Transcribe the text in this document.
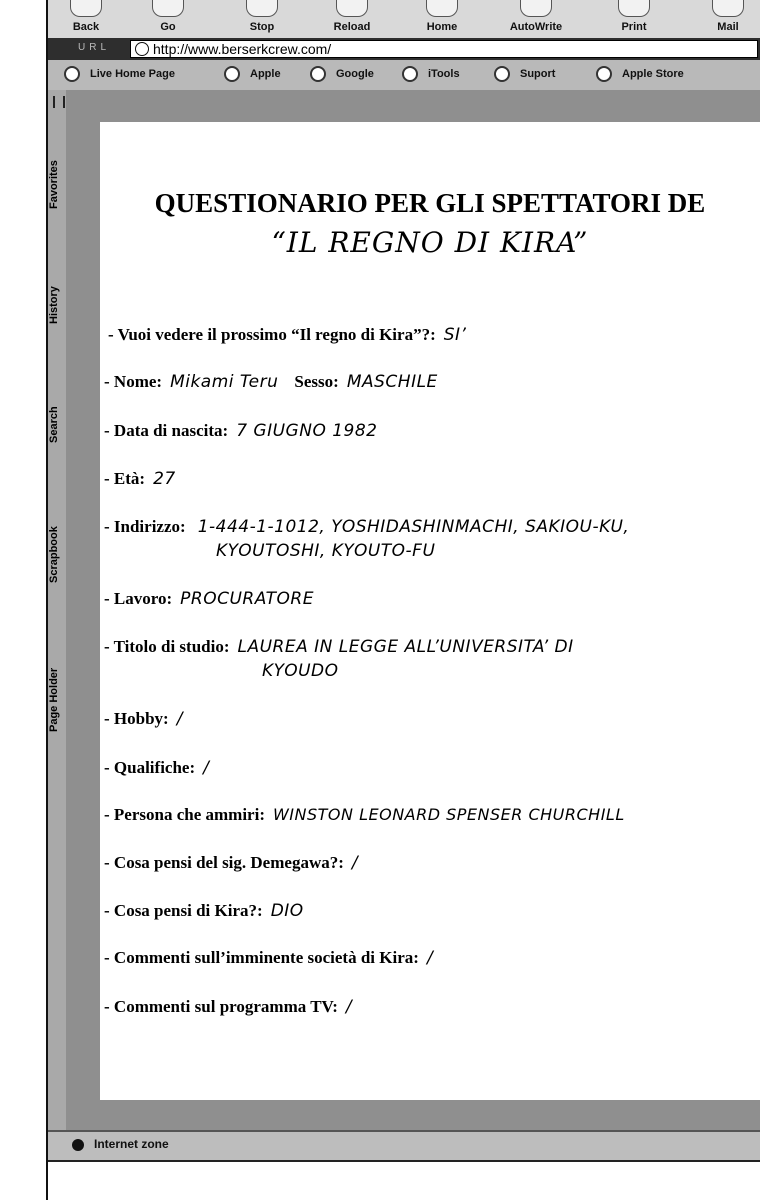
Back	Go	Stop	Reload	Home	AutoWrite	Print	Mail
URL	http://www.berserkcrew.com/
Live Home Page	Apple	Google	iTools	Suport	Apple Store
Favorites
History
Search
Scrapbook
Page Holder
QUESTIONARIO PER GLI SPETTATORI DE
“IL REGNO DI KIRA”
- Vuoi vedere il prossimo “Il regno di Kira”?: SI’
- Nome: Mikami Teru Sesso: MASCHILE
- Data di nascita: 7 GIUGNO 1982
- Età: 27
- Indirizzo: 1-444-1-1012, YOSHIDASHINMACHI, SAKIOU-KU,
KYOUTOSHI, KYOUTO-FU
- Lavoro: PROCURATORE
- Titolo di studio: LAUREA IN LEGGE ALL’UNIVERSITA’ DI
KYOUDO
- Hobby: /
- Qualifiche: /
- Persona che ammiri: WINSTON LEONARD SPENSER CHURCHILL
- Cosa pensi del sig. Demegawa?: /
- Cosa pensi di Kira?: DIO
- Commenti sull’imminente società di Kira: /
- Commenti sul programma TV: /
Internet zone
